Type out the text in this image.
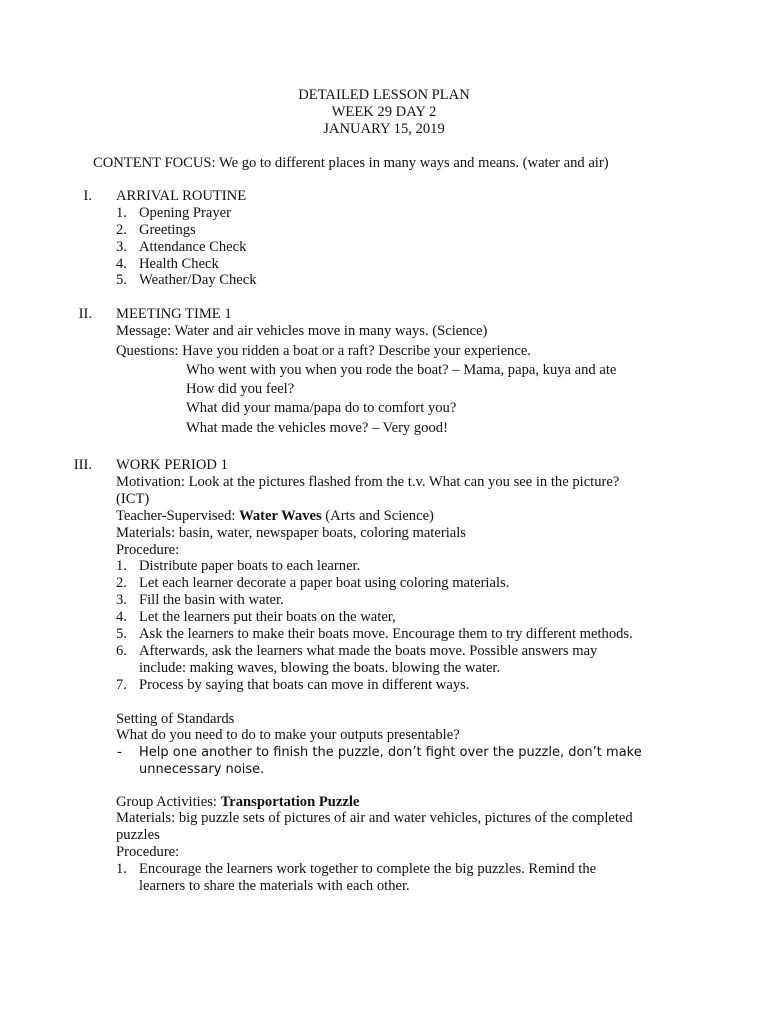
DETAILED LESSON PLAN
WEEK 29 DAY 2
JANUARY 15, 2019
CONTENT FOCUS: We go to different places in many ways and means. (water and air)
I. ARRIVAL ROUTINE
1. Opening Prayer
2. Greetings
3. Attendance Check
4. Health Check
5. Weather/Day Check
II. MEETING TIME 1
Message: Water and air vehicles move in many ways. (Science)
Questions: Have you ridden a boat or a raft? Describe your experience.
Who went with you when you rode the boat? – Mama, papa, kuya and ate
How did you feel?
What did your mama/papa do to comfort you?
What made the vehicles move? – Very good!
III. WORK PERIOD 1
Motivation: Look at the pictures flashed from the t.v. What can you see in the picture?
(ICT)
Teacher-Supervised: Water Waves (Arts and Science)
Materials: basin, water, newspaper boats, coloring materials
Procedure:
1. Distribute paper boats to each learner.
2. Let each learner decorate a paper boat using coloring materials.
3. Fill the basin with water.
4. Let the learners put their boats on the water,
5. Ask the learners to make their boats move. Encourage them to try different methods.
6. Afterwards, ask the learners what made the boats move. Possible answers may
include: making waves, blowing the boats. blowing the water.
7. Process by saying that boats can move in different ways.
Setting of Standards
What do you need to do to make your outputs presentable?
- Help one another to finish the puzzle, don’t fight over the puzzle, don’t make
unnecessary noise.
Group Activities: Transportation Puzzle
Materials: big puzzle sets of pictures of air and water vehicles, pictures of the completed
puzzles
Procedure:
1. Encourage the learners work together to complete the big puzzles. Remind the
learners to share the materials with each other.
